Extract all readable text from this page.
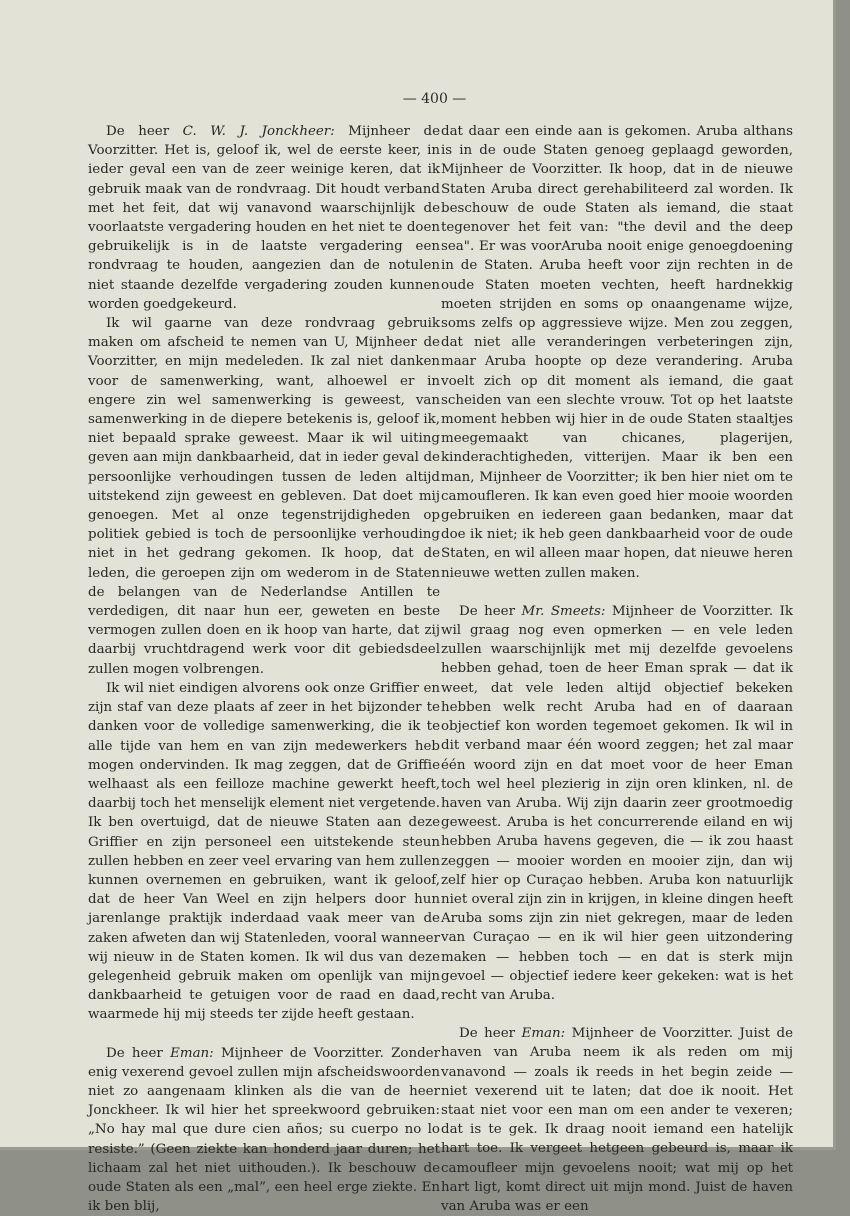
— 400 —

De heer C. W. J. Jonckheer: Mijnheer de Voorzitter. Het is, geloof ik, wel de eerste keer, in ieder geval een van de zeer weinige keren, dat ik gebruik maak van de rondvraag. Dit houdt verband met het feit, dat wij vanavond waarschijnlijk de voorlaatste vergadering houden en het niet te doen gebruikelijk is in de laatste vergadering een rondvraag te houden, aangezien dan de notulen niet staande dezelfde vergadering zouden kunnen worden goedgekeurd.

Ik wil gaarne van deze rondvraag gebruik maken om afscheid te nemen van U, Mijnheer de Voorzitter, en mijn medeleden. Ik zal niet danken voor de samenwerking, want, alhoewel er in engere zin wel samenwerking is geweest, van samenwerking in de diepere betekenis is, geloof ik, niet bepaald sprake geweest. Maar ik wil uiting geven aan mijn dankbaarheid, dat in ieder geval de persoonlijke verhoudingen tussen de leden altijd uitstekend zijn geweest en gebleven. Dat doet mij genoegen. Met al onze tegenstrijdigheden op politiek gebied is toch de persoonlijke verhouding niet in het gedrang gekomen. Ik hoop, dat de leden, die geroepen zijn om wederom in de Staten de belangen van de Nederlandse Antillen te verdedigen, dit naar hun eer, geweten en beste vermogen zullen doen en ik hoop van harte, dat zij daarbij vruchtdragend werk voor dit gebiedsdeel zullen mogen volbrengen.

Ik wil niet eindigen alvorens ook onze Griffier en zijn staf van deze plaats af zeer in het bijzonder te danken voor de volledige samenwerking, die ik te alle tijde van hem en van zijn medewerkers heb mogen ondervinden. Ik mag zeggen, dat de Griffie welhaast als een feilloze machine gewerkt heeft, daarbij toch het menselijk element niet vergetende. Ik ben overtuigd, dat de nieuwe Staten aan deze Griffier en zijn personeel een uitstekende steun zullen hebben en zeer veel ervaring van hem zullen kunnen overnemen en gebruiken, want ik geloof, dat de heer Van Weel en zijn helpers door hun jarenlange praktijk inderdaad vaak meer van de zaken afweten dan wij Statenleden, vooral wanneer wij nieuw in de Staten komen. Ik wil dus van deze gelegenheid gebruik maken om openlijk van mijn dankbaarheid te getuigen voor de raad en daad, waarmede hij mij steeds ter zijde heeft gestaan.

De heer Eman: Mijnheer de Voorzitter. Zonder enig vexerend gevoel zullen mijn afscheidswoorden niet zo aangenaam klinken als die van de heer Jonckheer. Ik wil hier het spreekwoord gebruiken: „No hay mal que dure cien años; su cuerpo no lo resiste.” (Geen ziekte kan honderd jaar duren; het lichaam zal het niet uithouden.). Ik beschouw de oude Staten als een „mal”, een heel erge ziekte. En ik ben blij,

dat daar een einde aan is gekomen. Aruba althans is in de oude Staten genoeg geplaagd geworden, Mijnheer de Voorzitter. Ik hoop, dat in de nieuwe Staten Aruba direct gerehabiliteerd zal worden. Ik beschouw de oude Staten als iemand, die staat tegenover het feit van: "the devil and the deep sea". Er was voorAruba nooit enige genoegdoening in de Staten. Aruba heeft voor zijn rechten in de oude Staten moeten vechten, heeft hardnekkig moeten strijden en soms op onaangename wijze, soms zelfs op aggressieve wijze. Men zou zeggen, dat niet alle veranderingen verbeteringen zijn, maar Aruba hoopte op deze verandering. Aruba voelt zich op dit moment als iemand, die gaat scheiden van een slechte vrouw. Tot op het laatste moment hebben wij hier in de oude Staten staaltjes meegemaakt van chicanes, plagerijen, kinderachtigheden, vitterijen. Maar ik ben een man, Mijnheer de Voorzitter; ik ben hier niet om te camoufleren. Ik kan even goed hier mooie woorden gebruiken en iedereen gaan bedanken, maar dat doe ik niet; ik heb geen dankbaarheid voor de oude Staten, en wil alleen maar hopen, dat nieuwe heren nieuwe wetten zullen maken.

De heer Mr. Smeets: Mijnheer de Voorzitter. Ik wil graag nog even opmerken — en vele leden zullen waarschijnlijk met mij dezelfde gevoelens hebben gehad, toen de heer Eman sprak — dat ik weet, dat vele leden altijd objectief bekeken hebben welk recht Aruba had en of daaraan objectief kon worden tegemoet gekomen. Ik wil in dit verband maar één woord zeggen; het zal maar één woord zijn en dat moet voor de heer Eman toch wel heel plezierig in zijn oren klinken, nl. de haven van Aruba. Wij zijn daarin zeer grootmoedig geweest. Aruba is het concurrerende eiland en wij hebben Aruba havens gegeven, die — ik zou haast zeggen — mooier worden en mooier zijn, dan wij zelf hier op Curaçao hebben. Aruba kon natuurlijk niet overal zijn zin in krijgen, in kleine dingen heeft Aruba soms zijn zin niet gekregen, maar de leden van Curaçao — en ik wil hier geen uitzondering maken — hebben toch — en dat is sterk mijn gevoel — objectief iedere keer gekeken: wat is het recht van Aruba.

De heer Eman: Mijnheer de Voorzitter. Juist de haven van Aruba neem ik als reden om mij vanavond — zoals ik reeds in het begin zeide — niet vexerend uit te laten; dat doe ik nooit. Het staat niet voor een man om een ander te vexeren; dat is te gek. Ik draag nooit iemand een hatelijk hart toe. Ik vergeet hetgeen gebeurd is, maar ik camoufleer mijn gevoelens nooit; wat mij op het hart ligt, komt direct uit mijn mond. Juist de haven van Aruba was er een
